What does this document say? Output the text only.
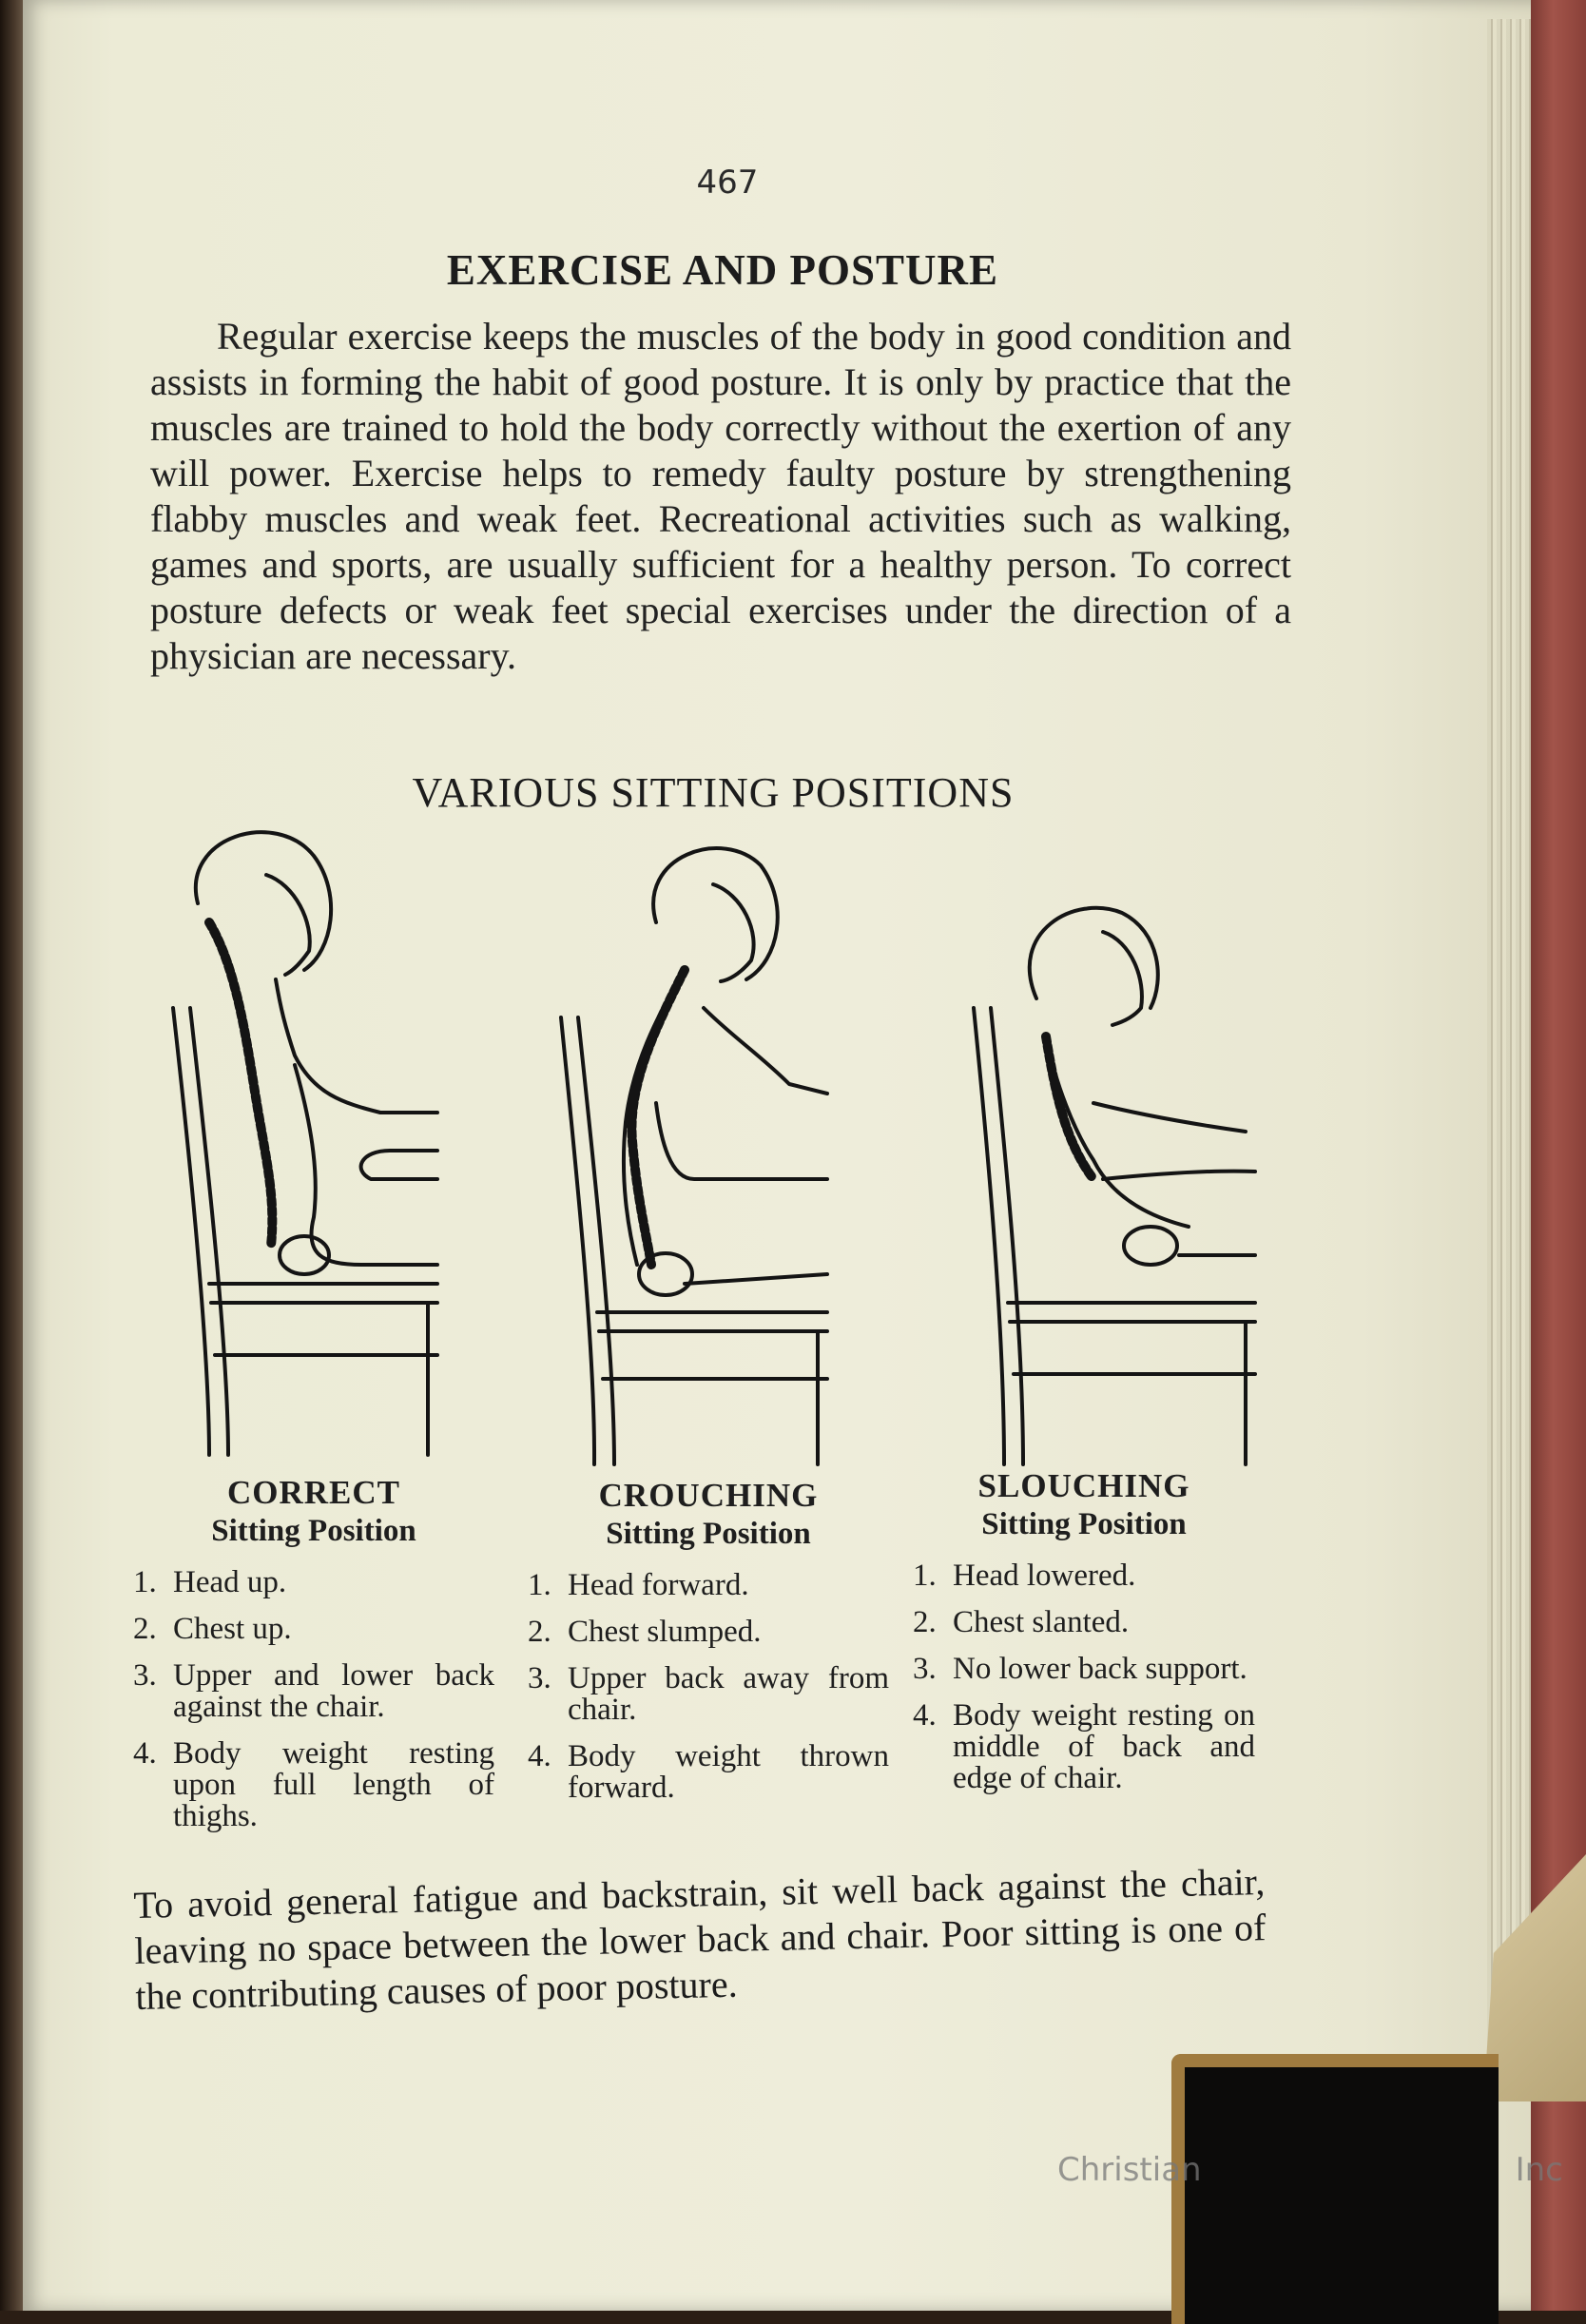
467
EXERCISE AND POSTURE
Regular exercise keeps the muscles of the body in good condition and assists in forming the habit of good posture. It is only by practice that the muscles are trained to hold the body correctly without the exertion of any will power. Exercise helps to remedy faulty posture by strengthening flabby muscles and weak feet. Recreational activities such as walking, games and sports, are usually sufficient for a healthy person. To correct posture defects or weak feet special exercises under the direction of a physician are necessary.
VARIOUS SITTING POSITIONS
CORRECT
Sitting Position
1. Head up.
2. Chest up.
3. Upper and lower back against the chair.
4. Body weight resting upon full length of thighs.
CROUCHING
Sitting Position
1. Head forward.
2. Chest slumped.
3. Upper back away from chair.
4. Body weight thrown forward.
SLOUCHING
Sitting Position
1. Head lowered.
2. Chest slanted.
3. No lower back support.
4. Body weight resting on middle of back and edge of chair.
To avoid general fatigue and backstrain, sit well back against the chair, leaving no space between the lower back and chair. Poor sitting is one of the contributing causes of poor posture.
Christian	Inc
